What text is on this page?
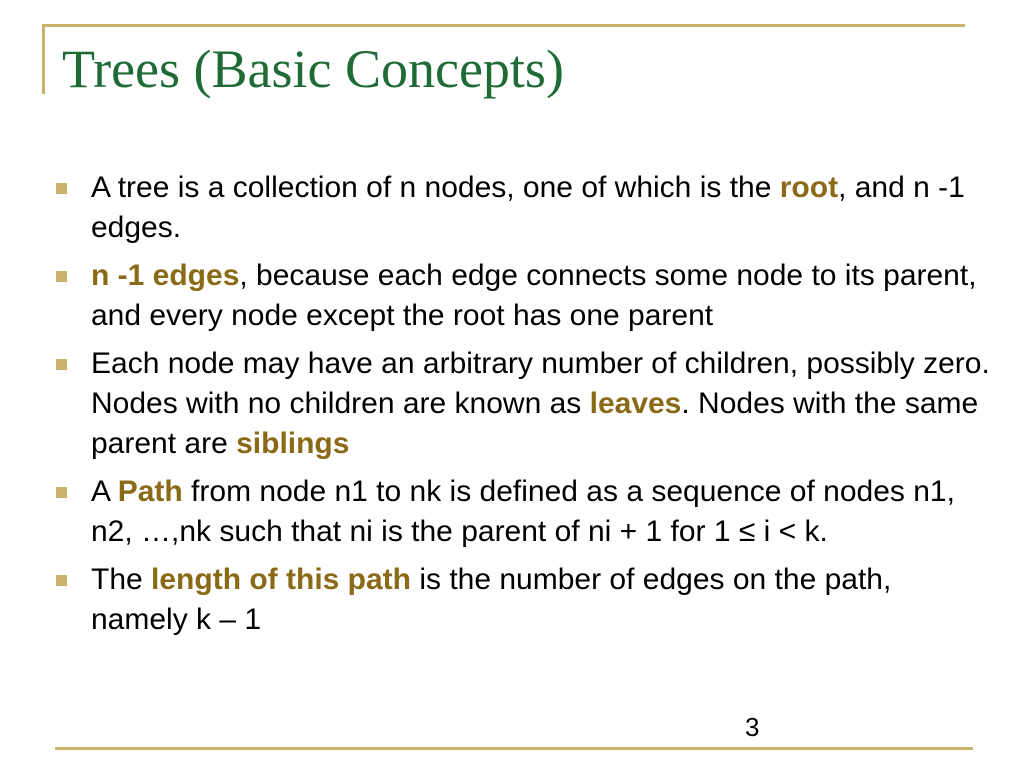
Trees (Basic Concepts)
A tree is a collection of n nodes, one of which is the root, and n -1 edges.
n -1 edges, because each edge connects some node to its parent, and every node except the root has one parent
Each node may have an arbitrary number of children, possibly zero. Nodes with no children are known as leaves. Nodes with the same parent are siblings
A Path from node n1 to nk is defined as a sequence of nodes n1, n2, …,nk such that ni is the parent of ni + 1 for 1 ≤ i < k.
The length of this path is the number of edges on the path, namely k – 1
3
